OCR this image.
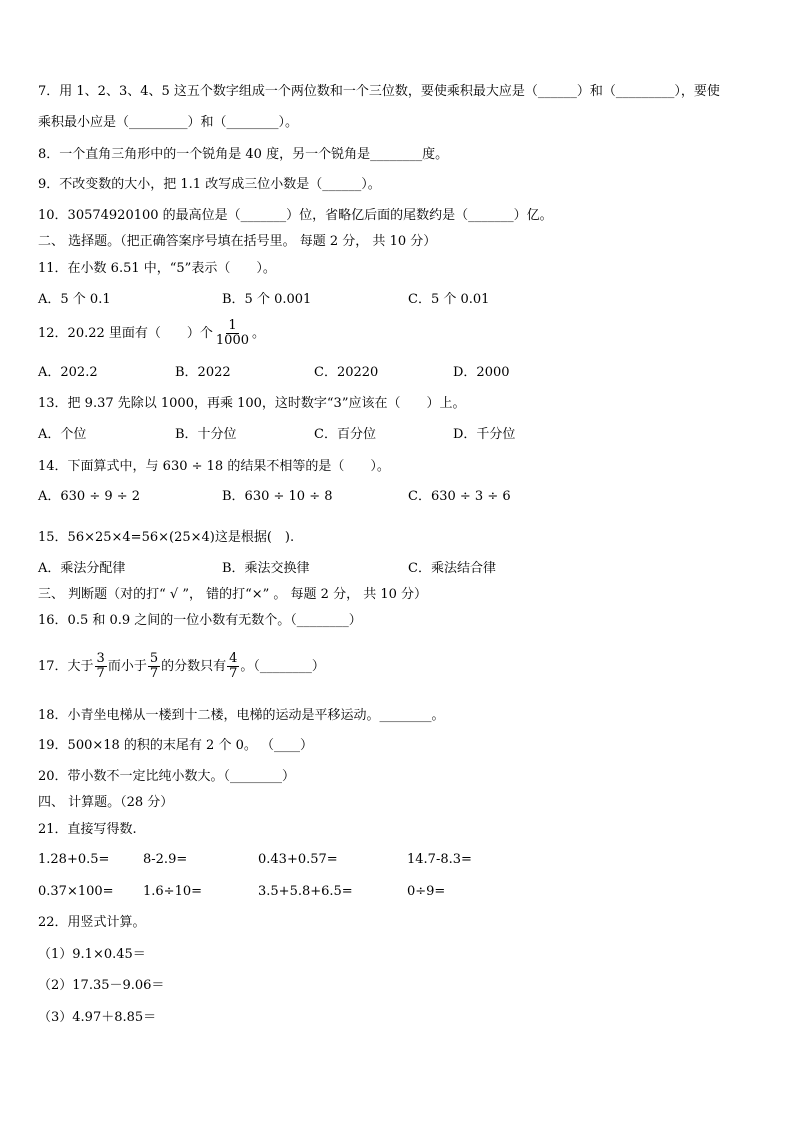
7．用 1、2、3、4、5 这五个数字组成一个两位数和一个三位数，要使乘积最大应是（______）和（_________），要使
乘积最小应是（_________）和（________）。
8．一个直角三角形中的一个锐角是 40 度，另一个锐角是________度。
9．不改变数的大小，把 1.1 改写成三位小数是（______）。
10．30574920100 的最高位是（_______）位，省略亿后面的尾数约是（_______）亿。
二、 选择题。（把正确答案序号填在括号里。 每题 2 分， 共 10 分）
11．在小数 6.51 中，“5”表示（　　）。
A．5 个 0.1	B．5 个 0.001	C．5 个 0.01
12．20.22 里面有（　　）个 $\frac{1}{1000}$ 。
A．202.2	B．2022	C．20220	D．2000
13．把 9.37 先除以 1000，再乘 100，这时数字“3”应该在（　　）上。
A．个位	B．十分位	C．百分位	D．千分位
14．下面算式中，与 630 ÷ 18 的结果不相等的是（　　）。
A．630 ÷ 9 ÷ 2	B．630 ÷ 10 ÷ 8	C．630 ÷ 3 ÷ 6
15．56×25×4=56×(25×4)这是根据(　).
A．乘法分配律	B．乘法交换律	C．乘法结合律
三、 判断题（对的打“ √ ”， 错的打“×” 。 每题 2 分， 共 10 分）
16．0.5 和 0.9 之间的一位小数有无数个。（________）
17．大于 $\frac{3}{7}$ 而小于 $\frac{5}{7}$ 的分数只有 $\frac{4}{7}$ 。（________）
18．小青坐电梯从一楼到十二楼，电梯的运动是平移运动。________。
19．500×18 的积的末尾有 2 个 0。 （____）
20．带小数不一定比纯小数大。（________）
四、 计算题。（28 分）
21．直接写得数.
1.28+0.5=	8-2.9=	0.43+0.57=	14.7-8.3=
0.37×100= 1.6÷10=	3.5+5.8+6.5=	0÷9=
22．用竖式计算。
（1）9.1×0.45＝
（2）17.35－9.06＝
（3）4.97＋8.85＝
